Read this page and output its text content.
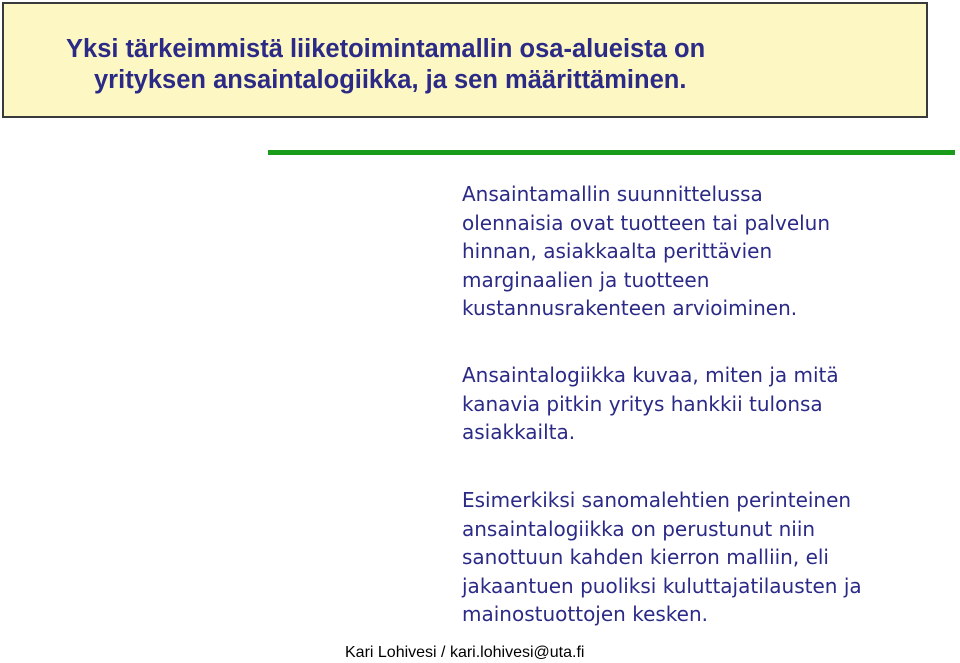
Yksi tärkeimmistä liiketoimintamallin osa-alueista on
yrityksen ansaintalogiikka, ja sen määrittäminen.

Ansaintamallin suunnittelussa
olennaisia ovat tuotteen tai palvelun
hinnan, asiakkaalta perittävien
marginaalien ja tuotteen
kustannusrakenteen arvioiminen.

Ansaintalogiikka kuvaa, miten ja mitä
kanavia pitkin yritys hankkii tulonsa
asiakkailta.

Esimerkiksi sanomalehtien perinteinen
ansaintalogiikka on perustunut niin
sanottuun kahden kierron malliin, eli
jakaantuen puoliksi kuluttajatilausten ja
mainostuottojen kesken.

Kari Lohivesi / kari.lohivesi@uta.fi
